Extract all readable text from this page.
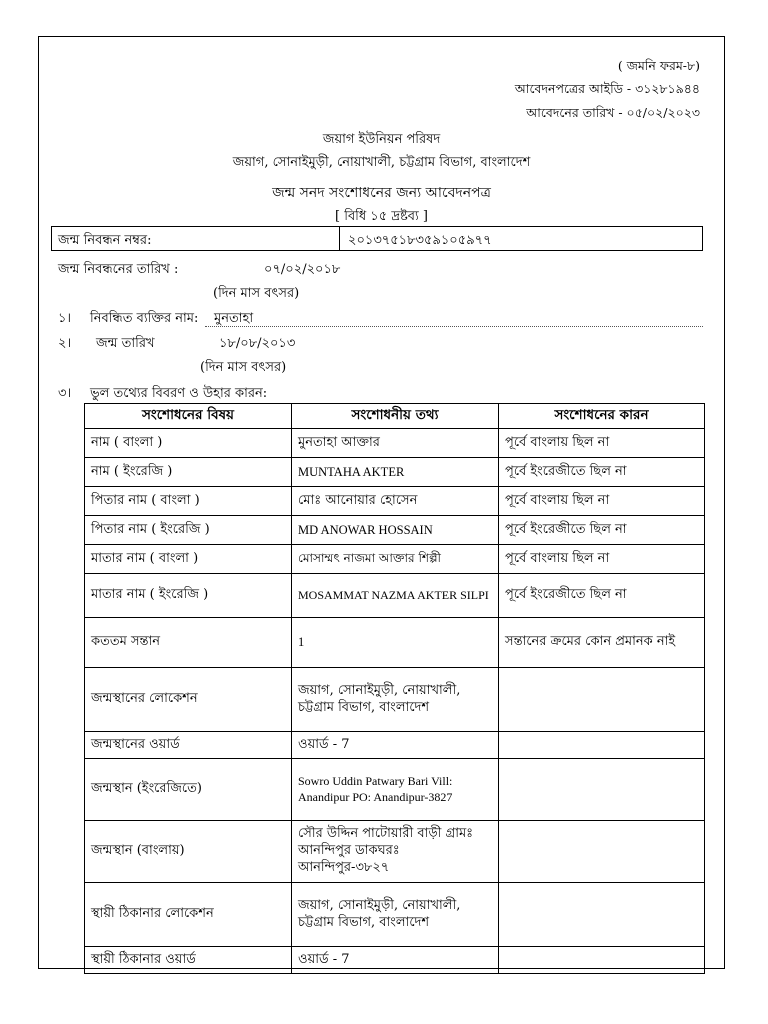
( জমনি ফরম-৮)
আবেদনপত্রের আইডি - ৩১২৮১৯৪৪
আবেদনের তারিখ - ০৫/০২/২০২৩
জয়াগ ইউনিয়ন পরিষদ
জয়াগ, সোনাইমুড়ী, নোয়াখালী, চট্টগ্রাম বিভাগ, বাংলাদেশ
জন্ম সনদ সংশোধনের জন্য আবেদনপত্র
[ বিধি ১৫ দ্রষ্টব্য ]
জন্ম নিবন্ধন নম্বর:	২০১৩৭৫১৮৩৫৯১০৫৯৭৭
জন্ম নিবন্ধনের তারিখ :	০৭/০২/২০১৮
(দিন মাস বৎসর)
১। নিবন্ধিত ব্যক্তির নাম: মুনতাহা
২। জন্ম তারিখ	১৮/০৮/২০১৩
(দিন মাস বৎসর)
৩। ভুল তথ্যের বিবরণ ও উহার কারন:
সংশোধনের বিষয়	সংশোধনীয় তথ্য	সংশোধনের কারন
নাম ( বাংলা )	মুনতাহা আক্তার	পূর্বে বাংলায় ছিল না
নাম ( ইংরেজি )	MUNTAHA AKTER	পূর্বে ইংরেজীতে ছিল না
পিতার নাম ( বাংলা )	মোঃ আনোয়ার হোসেন	পূর্বে বাংলায় ছিল না
পিতার নাম ( ইংরেজি )	MD ANOWAR HOSSAIN	পূর্বে ইংরেজীতে ছিল না
মাতার নাম ( বাংলা )	মোসাম্মৎ নাজমা আক্তার শিল্পী	পূর্বে বাংলায় ছিল না
মাতার নাম ( ইংরেজি )	MOSAMMAT NAZMA AKTER SILPI	পূর্বে ইংরেজীতে ছিল না
কততম সন্তান	1	সন্তানের ক্রমের কোন প্রমানক নাই
জন্মস্থানের লোকেশন	জয়াগ, সোনাইমুড়ী, নোয়াখালী, চট্টগ্রাম বিভাগ, বাংলাদেশ	
জন্মস্থানের ওয়ার্ড	ওয়ার্ড - 7	
জন্মস্থান (ইংরেজিতে)	Sowro Uddin Patwary Bari Vill: Anandipur PO: Anandipur-3827	
জন্মস্থান (বাংলায়)	সৌর উদ্দিন পাটোয়ারী বাড়ী গ্রামঃ আনন্দিপুর ডাকঘরঃ আনন্দিপুর-৩৮২৭	
স্থায়ী ঠিকানার লোকেশন	জয়াগ, সোনাইমুড়ী, নোয়াখালী, চট্টগ্রাম বিভাগ, বাংলাদেশ	
স্থায়ী ঠিকানার ওয়ার্ড	ওয়ার্ড - 7	
